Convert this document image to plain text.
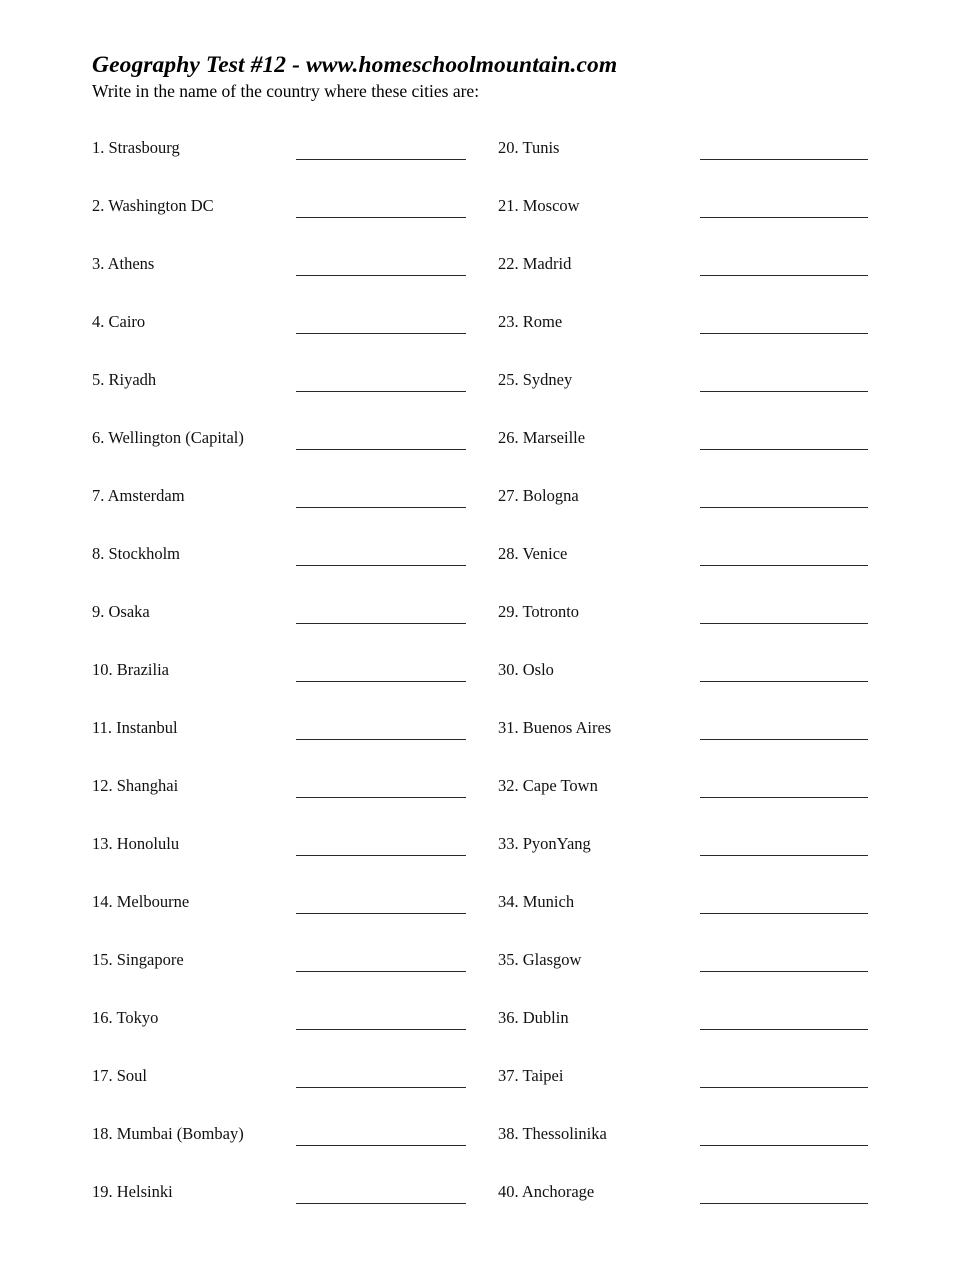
Geography Test #12 - www.homeschoolmountain.com
Write in the name of the country where these cities are:
1. Strasbourg
2. Washington DC
3. Athens
4. Cairo
5. Riyadh
6. Wellington (Capital)
7. Amsterdam
8. Stockholm
9. Osaka
10. Brazilia
11. Instanbul
12. Shanghai
13. Honolulu
14. Melbourne
15. Singapore
16. Tokyo
17. Soul
18. Mumbai (Bombay)
19. Helsinki
20. Tunis
21. Moscow
22. Madrid
23. Rome
25. Sydney
26. Marseille
27. Bologna
28. Venice
29. Totronto
30. Oslo
31. Buenos Aires
32. Cape Town
33. PyonYang
34. Munich
35. Glasgow
36. Dublin
37. Taipei
38. Thessolinika
40. Anchorage
